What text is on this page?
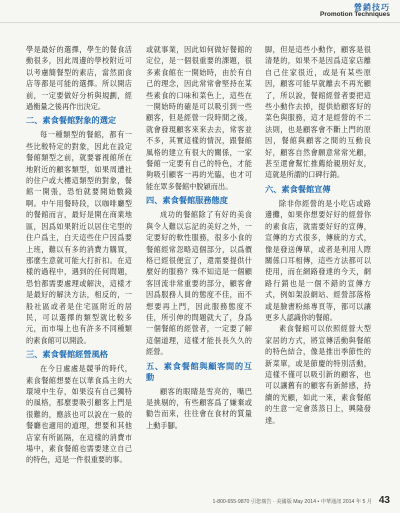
營銷技巧
Promotion Techniques

學是最好的選擇，學生的餐食活動很多，因此周邊的學校附近可以考慮簡餐型的素店，當然面食店等都是可能的選擇。所以開店前，一定要做好分析與規劃，經過衡量之後再作出決定。

二、素食餐館對象的選定

每一種類型的餐館，都有一些比較特定的對象，因此在設定餐館類型之前，就要審視館所在地附近的顧客類型，如果周遭社的住户或大樓這類型的對象，餐館一開張，恐怕就要開始數錢啊。中午用餐時段，以咖啡廳型的餐館而言，最好是開在商業地區，因爲如果附近以居住宅型的住户爲主，白天這些住户因爲要上班，難以有多的消費力購買，那麼生意就可能大打折扣。在這樣的過程中，遇到的任何問題，恐怕都需要處理或解決，這樣才是最好的解決方法，相反的，一般社區或者是住宅區附近的居民，可以選擇的類型就比較多元，而市場上也有許多不同種類的素食館可以開設。

三、素食餐館經營風格

在今日處處是競爭的時代，素食餐館想要在以華食爲主的大環境中生存，如果沒有自己獨特的風格，那麼要吸引顧客上門是很難的，應該也可以說在一般的餐廳也適用的道理，想要和其他店家有所區隔，在這樣的消費市場中，素食餐館也需要建立自己的特色，這是一件很重要的事。

或就事業，因此如何做好餐館的定位，是一個很重要的課題，很多素食館在一開始時，由於有自己的理念，因此常常會堅持在某些素食的口味和菜色上，這些在一開始時的確是可以吸引到一些顧客，但是經營一段時間之後，就會發現顧客來來去去，常客並不多，其實這樣的情況，跟餐館風格的建立有很大的關係，一家餐館一定要有自己的特色，才能夠吸引顧客一再的光臨，也才可能在眾多餐館中脫穎而出。

四、素食餐館服務態度

成功的餐館除了有好的美食與令人難以忘記的美好之外，一定要好的軟性服務，很多小食的餐館經常忽略這個部分，以爲價格已經很便宜了，還需要提供什麼好的服務？殊不知這是一個顧客回流非常重要的部分，顧客會因爲服務人員的態度不佳，而不想要再上門，因此服務態度不佳，所引伸的問題就大了，身爲一個餐館的經營者，一定要了解這個道理，這樣才能長長久久的經營。

五、素食餐館與顧客間的互動

顧客的眼睛是雪亮的，嘴巴是挑剔的，有些顧客爲了嫌棄或勸告而來，往往會在食材的質量上動手腳。

脚，但是這些小動作，顧客是很清楚的，如果不是因爲這家店離自己住家很近，或是有某些原因，顧客可能早就離去不再光顧了，所以說，餐館經營者要把這些小動作去掉，提供給顧客好的菜色與服務，這才是經營的不二法則，也是顧客會不斷上門的原因，餐館與顧客之間的互動良好，顧客自然會願意常常光顧，甚至還會幫忙推薦給親朋好友，這就是所謂的口碑行銷。

六、素食餐館宣傳

除非你經營的是小吃店或路邊攤，如果你想要好好的經營你的素食店，就需要好好的宣傳，宣傳的方式很多，傳統的方式，像是發送傳單，或者是利用人際關係口耳相傳，這些方法都可以使用，而在網路發達的今天，網路行銷也是一個不錯的宣傳方式，例如架設網站、經營部落格或是臉書粉絲專頁等，都可以讓更多人認識你的餐館。

素食餐館可以依照經營大型家居的方式，將宣傳活動與餐館的特色結合，像是推出季節性的新菜單，或是節慶的特別活動，這樣不僅可以吸引新的顧客，也可以讓舊有的顧客有新鮮感，持續的光顧，如此一來，素食餐館的生意一定會蒸蒸日上，興隆發達。

1-800-655-9870 引您廣告 · 美國版 May 2014 • 中華通訊 2014 年 5 月 43
